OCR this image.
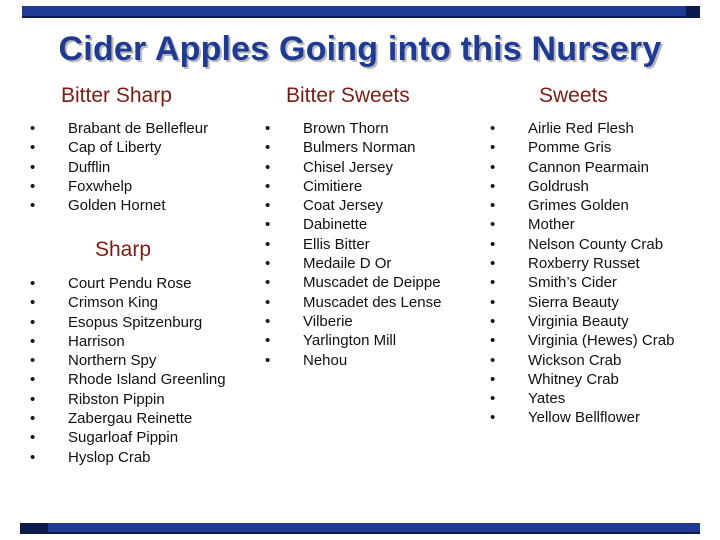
Cider Apples Going into this Nursery
Bitter Sharp
• Brabant de Bellefleur
• Cap of Liberty
• Dufflin
• Foxwhelp
• Golden Hornet
Sharp
• Court Pendu Rose
• Crimson King
• Esopus Spitzenburg
• Harrison
• Northern Spy
• Rhode Island Greenling
• Ribston Pippin
• Zabergau Reinette
• Sugarloaf Pippin
• Hyslop Crab
Bitter Sweets
• Brown Thorn
• Bulmers Norman
• Chisel Jersey
• Cimitiere
• Coat Jersey
• Dabinette
• Ellis Bitter
• Medaile D Or
• Muscadet de Deippe
• Muscadet des Lense
• Vilberie
• Yarlington Mill
• Nehou
Sweets
• Airlie Red Flesh
• Pomme Gris
• Cannon Pearmain
• Goldrush
• Grimes Golden
• Mother
• Nelson County Crab
• Roxberry Russet
• Smith’s Cider
• Sierra Beauty
• Virginia Beauty
• Virginia (Hewes) Crab
• Wickson Crab
• Whitney Crab
• Yates
• Yellow Bellflower
